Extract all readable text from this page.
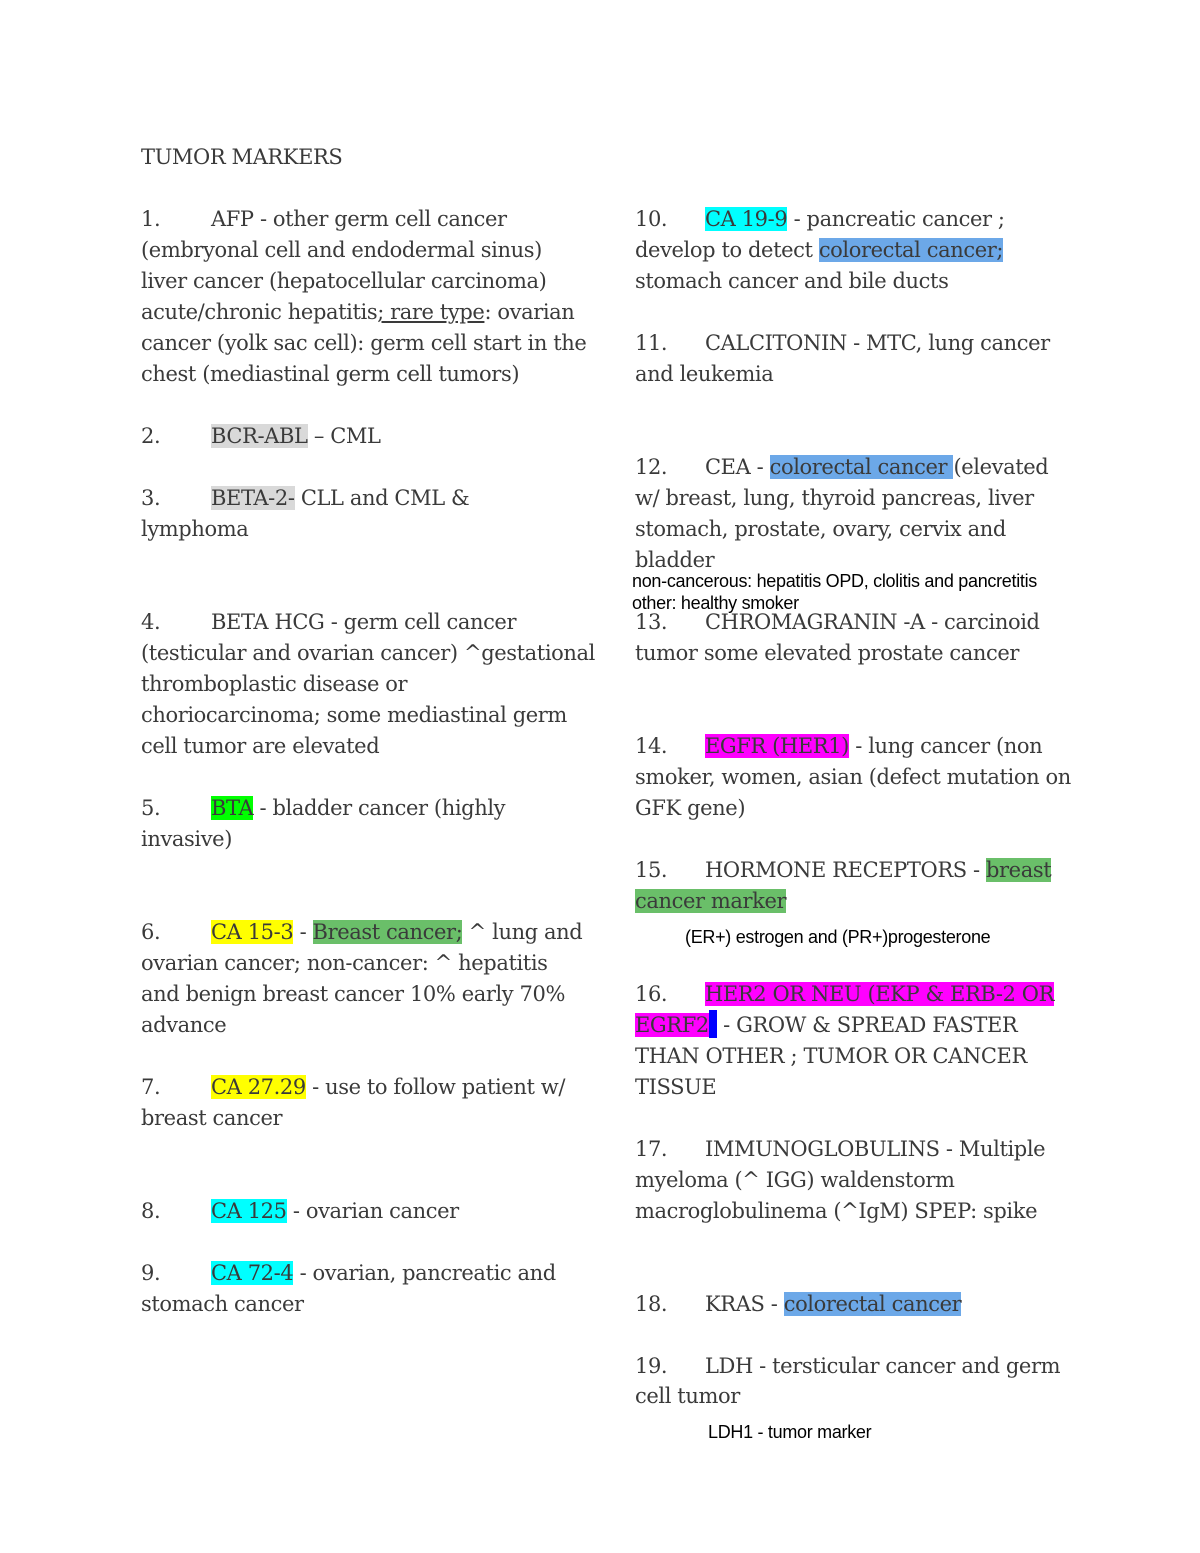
TUMOR MARKERS
1. AFP - other germ cell cancer
(embryonal cell and endodermal sinus)
liver cancer (hepatocellular carcinoma)
acute/chronic hepatitis; rare type: ovarian
cancer (yolk sac cell): germ cell start in the
chest (mediastinal germ cell tumors)
2. BCR-ABL – CML
3. BETA-2- CLL and CML &
lymphoma
4. BETA HCG - germ cell cancer
(testicular and ovarian cancer) ^gestational
thromboplastic disease or
choriocarcinoma; some mediastinal germ
cell tumor are elevated
5. BTA - bladder cancer (highly
invasive)
6. CA 15-3 - Breast cancer; ^ lung and
ovarian cancer; non-cancer: ^ hepatitis
and benign breast cancer 10% early 70%
advance
7. CA 27.29 - use to follow patient w/
breast cancer
8. CA 125 - ovarian cancer
9. CA 72-4 - ovarian, pancreatic and
stomach cancer
10. CA 19-9 - pancreatic cancer ;
develop to detect colorectal cancer;
stomach cancer and bile ducts
11. CALCITONIN - MTC, lung cancer
and leukemia
12. CEA - colorectal cancer (elevated
w/ breast, lung, thyroid pancreas, liver
stomach, prostate, ovary, cervix and
bladder
non-cancerous: hepatitis OPD, clolitis and pancretitis
other: healthy smoker
13. CHROMAGRANIN -A - carcinoid
tumor some elevated prostate cancer
14. EGFR (HER1) - lung cancer (non
smoker, women, asian (defect mutation on
GFK gene)
15. HORMONE RECEPTORS - breast
cancer marker
(ER+) estrogen and (PR+)progesterone
16. HER2 OR NEU (EKP & ERB-2 OR
EGRF2 - GROW & SPREAD FASTER
THAN OTHER ; TUMOR OR CANCER
TISSUE
17. IMMUNOGLOBULINS - Multiple
myeloma (^ IGG) waldenstorm
macroglobulinema (^IgM) SPEP: spike
18. KRAS - colorectal cancer
19. LDH - tersticular cancer and germ
cell tumor
LDH1 - tumor marker
